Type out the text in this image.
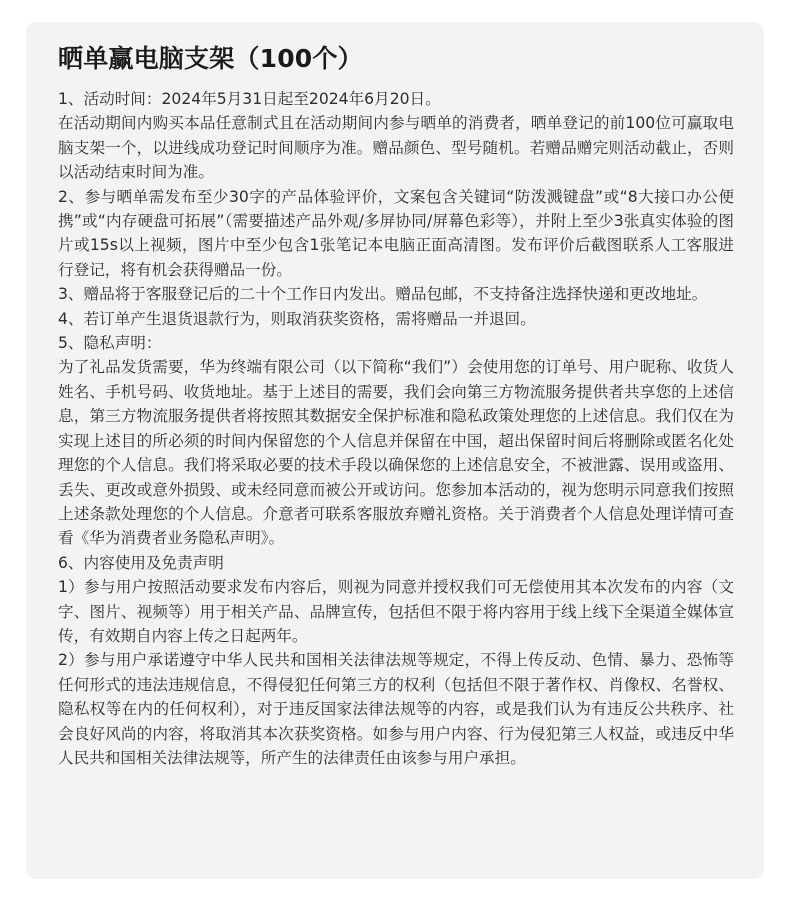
晒单赢电脑支架（100个）

1、活动时间：2024年5月31日起至2024年6月20日。

在活动期间内购买本品任意制式且在活动期间内参与晒单的消费者，晒单登记的前100位可赢取电脑支架一个，以进线成功登记时间顺序为准。赠品颜色、型号随机。若赠品赠完则活动截止，否则以活动结束时间为准。

2、参与晒单需发布至少30字的产品体验评价，文案包含关键词“防泼溅键盘”或“8大接口办公便携”或“内存硬盘可拓展”（需要描述产品外观/多屏协同/屏幕色彩等），并附上至少3张真实体验的图片或15s以上视频，图片中至少包含1张笔记本电脑正面高清图。发布评价后截图联系人工客服进行登记，将有机会获得赠品一份。

3、赠品将于客服登记后的二十个工作日内发出。赠品包邮，不支持备注选择快递和更改地址。

4、若订单产生退货退款行为，则取消获奖资格，需将赠品一并退回。

5、隐私声明：

为了礼品发货需要，华为终端有限公司（以下简称“我们”）会使用您的订单号、用户昵称、收货人姓名、手机号码、收货地址。基于上述目的需要，我们会向第三方物流服务提供者共享您的上述信息，第三方物流服务提供者将按照其数据安全保护标准和隐私政策处理您的上述信息。我们仅在为实现上述目的所必须的时间内保留您的个人信息并保留在中国，超出保留时间后将删除或匿名化处理您的个人信息。我们将采取必要的技术手段以确保您的上述信息安全，不被泄露、误用或盗用、丢失、更改或意外损毁、或未经同意而被公开或访问。您参加本活动的，视为您明示同意我们按照上述条款处理您的个人信息。介意者可联系客服放弃赠礼资格。关于消费者个人信息处理详情可查看《华为消费者业务隐私声明》。

6、内容使用及免责声明

1）参与用户按照活动要求发布内容后，则视为同意并授权我们可无偿使用其本次发布的内容（文字、图片、视频等）用于相关产品、品牌宣传，包括但不限于将内容用于线上线下全渠道全媒体宣传，有效期自内容上传之日起两年。

2）参与用户承诺遵守中华人民共和国相关法律法规等规定，不得上传反动、色情、暴力、恐怖等任何形式的违法违规信息，不得侵犯任何第三方的权利（包括但不限于著作权、肖像权、名誉权、隐私权等在内的任何权利），对于违反国家法律法规等的内容，或是我们认为有违反公共秩序、社会良好风尚的内容，将取消其本次获奖资格。如参与用户内容、行为侵犯第三人权益，或违反中华人民共和国相关法律法规等，所产生的法律责任由该参与用户承担。
